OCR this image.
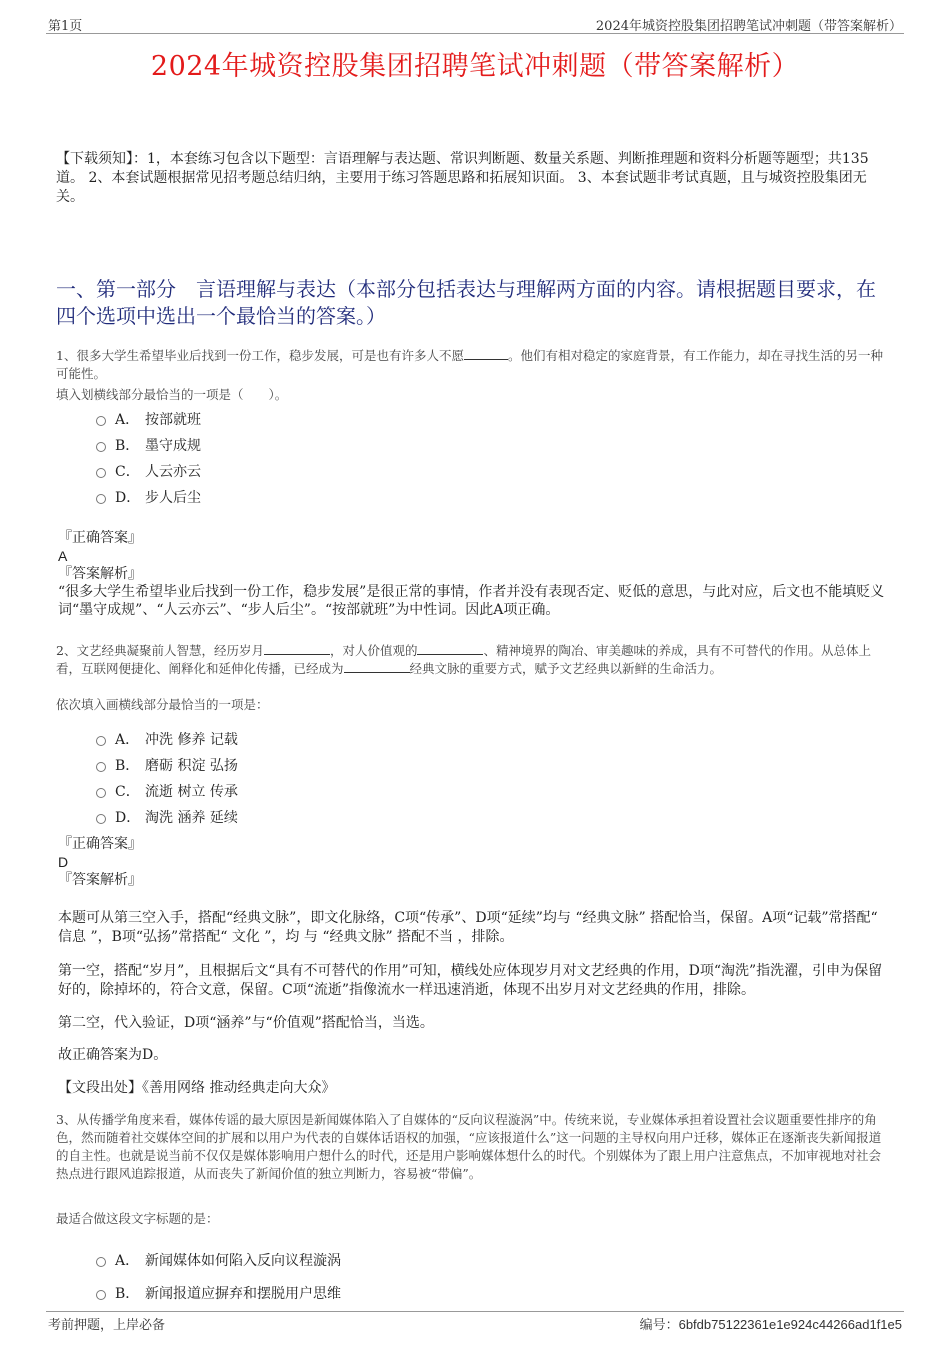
第1页	2024年城资控股集团招聘笔试冲刺题（带答案解析）
2024年城资控股集团招聘笔试冲刺题（带答案解析）
【下载须知】：1，本套练习包含以下题型：言语理解与表达题、常识判断题、数量关系题、判断推理题和资料分析题等题型；共135道。 2、本套试题根据常见招考题总结归纳，主要用于练习答题思路和拓展知识面。 3、本套试题非考试真题，且与城资控股集团无关。
一、第一部分　言语理解与表达（本部分包括表达与理解两方面的内容。请根据题目要求，在四个选项中选出一个最恰当的答案。）
1、很多大学生希望毕业后找到一份工作，稳步发展，可是也有许多人不愿	。他们有相对稳定的家庭背景，有工作能力，却在寻找生活的另一种可能性。
填入划横线部分最恰当的一项是（　　）。
A． 按部就班
B． 墨守成规
C． 人云亦云
D． 步人后尘
『正确答案』
A
『答案解析』
“很多大学生希望毕业后找到一份工作，稳步发展”是很正常的事情，作者并没有表现否定、贬低的意思，与此对应，后文也不能填贬义词“墨守成规”、“人云亦云”、“步人后尘”。“按部就班”为中性词。因此A项正确。
2、文艺经典凝聚前人智慧，经历岁月	，对人价值观的	、精神境界的陶冶、审美趣味的养成，具有不可替代的作用。从总体上看，互联网便捷化、阐释化和延伸化传播，已经成为	经典文脉的重要方式，赋予文艺经典以新鲜的生命活力。
依次填入画横线部分最恰当的一项是：
A． 冲洗 修养 记载
B． 磨砺 积淀 弘扬
C． 流逝 树立 传承
D． 淘洗 涵养 延续
『正确答案』
D
『答案解析』
本题可从第三空入手，搭配“经典文脉”，即文化脉络，C项“传承”、D项“延续”均与 “经典文脉” 搭配恰当，保留。A项“记载”常搭配“ 信息 ”，B项“弘扬”常搭配“ 文化 ”，均 与 “经典文脉” 搭配不当 ，排除。
第一空，搭配“岁月”，且根据后文“具有不可替代的作用”可知，横线处应体现岁月对文艺经典的作用，D项“淘洗”指洗濯，引申为保留好的，除掉坏的，符合文意，保留。C项“流逝”指像流水一样迅速消逝，体现不出岁月对文艺经典的作用，排除。
第二空，代入验证，D项“涵养”与“价值观”搭配恰当，当选。
故正确答案为D。
【文段出处】《善用网络 推动经典走向大众》
3、从传播学角度来看，媒体传谣的最大原因是新闻媒体陷入了自媒体的“反向议程漩涡”中。传统来说，专业媒体承担着设置社会议题重要性排序的角色，然而随着社交媒体空间的扩展和以用户为代表的自媒体话语权的加强，“应该报道什么”这一问题的主导权向用户迁移，媒体正在逐渐丧失新闻报道的自主性。也就是说当前不仅仅是媒体影响用户想什么的时代，还是用户影响媒体想什么的时代。个别媒体为了跟上用户注意焦点，不加审视地对社会热点进行跟风追踪报道，从而丧失了新闻价值的独立判断力，容易被“带偏”。
最适合做这段文字标题的是：
A． 新闻媒体如何陷入反向议程漩涡
B． 新闻报道应摒弃和摆脱用户思维
考前押题，上岸必备	编号：6bfdb75122361e1e924c44266ad1f1e5
